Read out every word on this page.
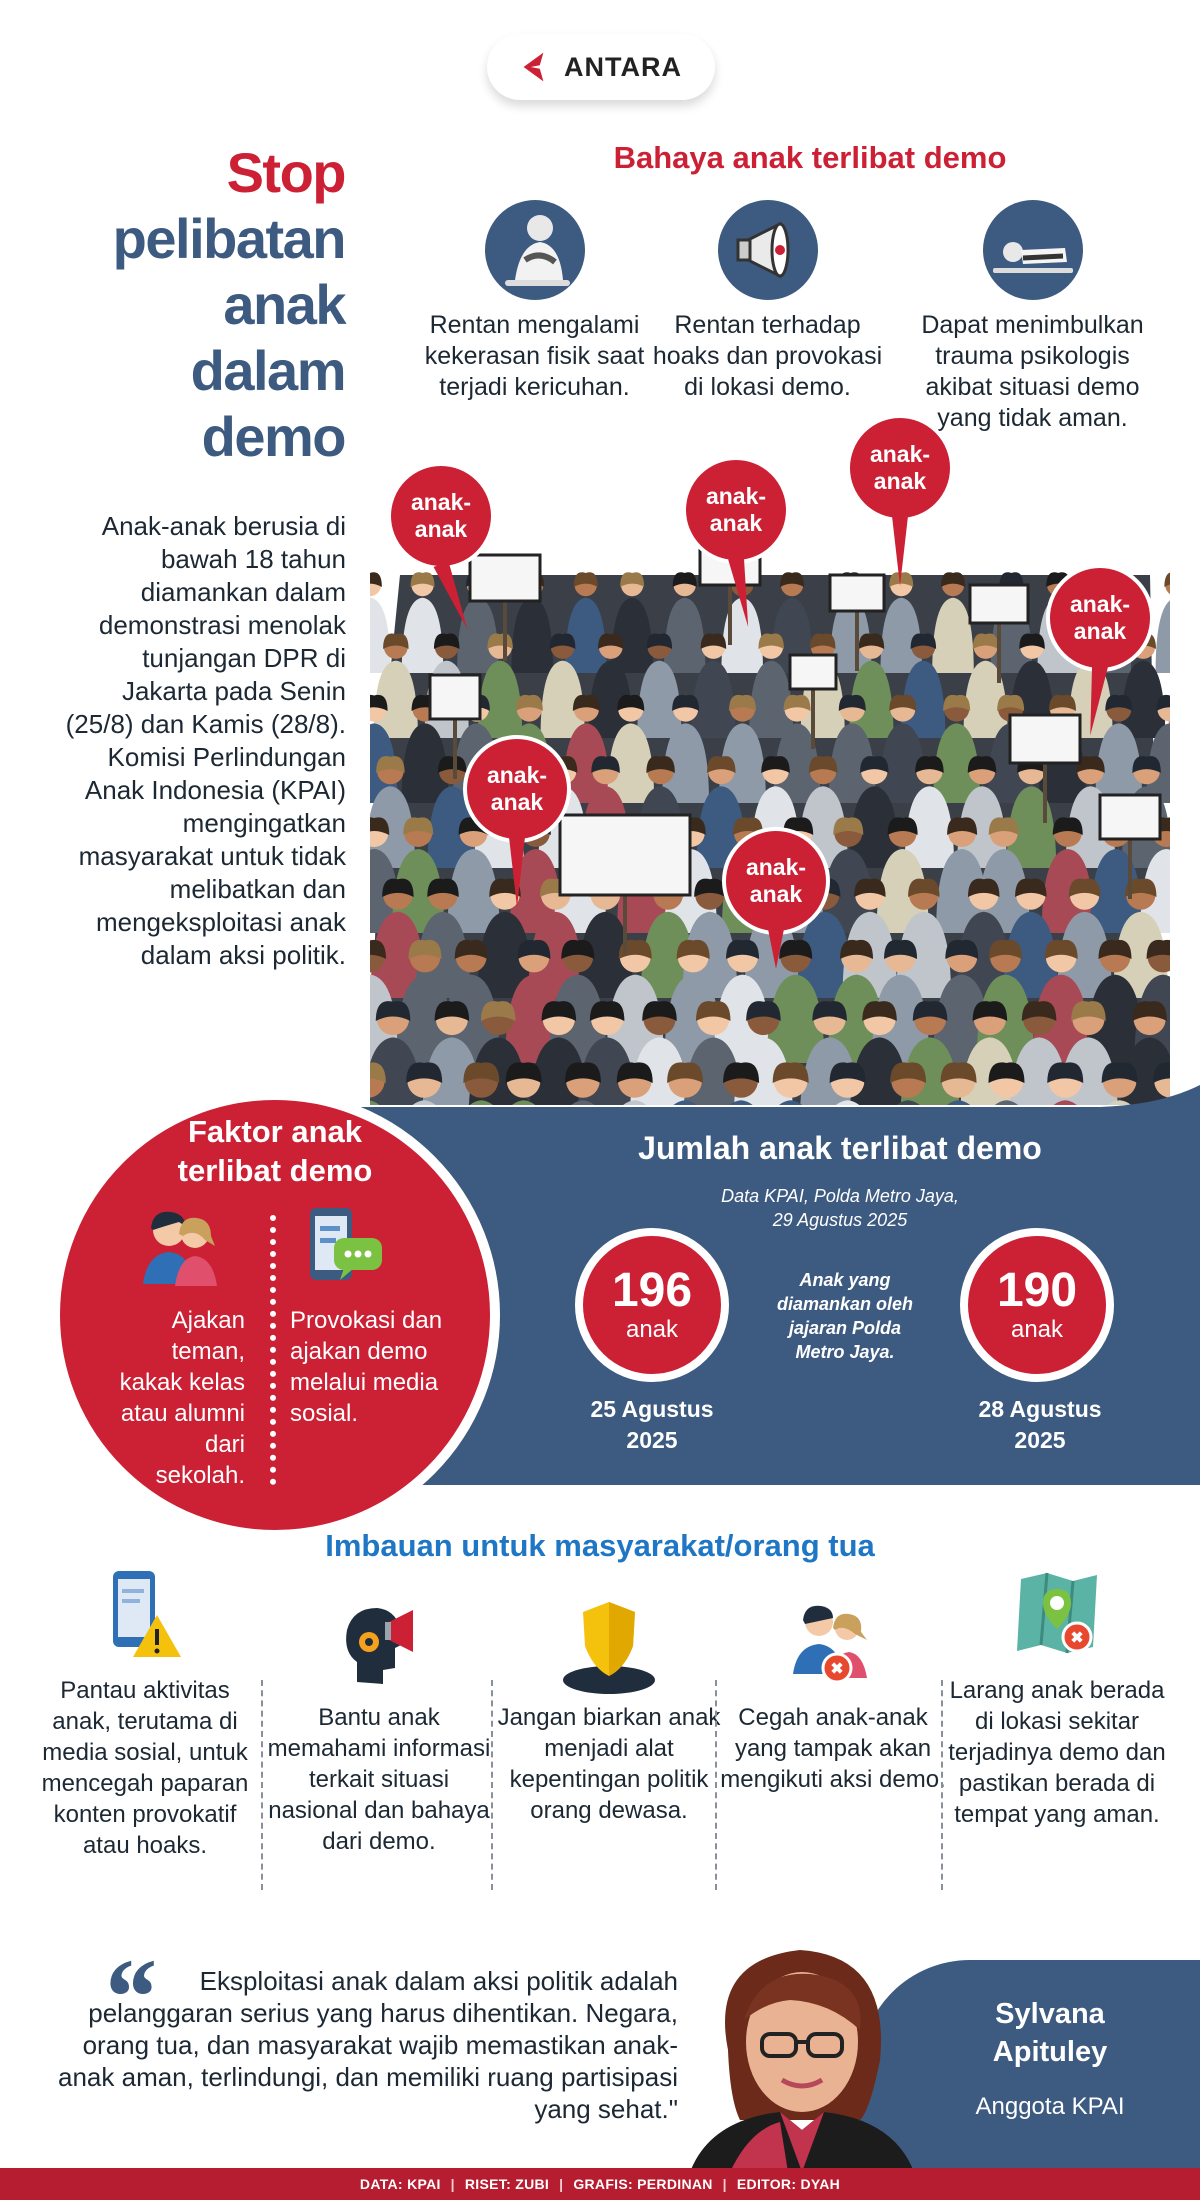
ANTARA
Stop
pelibatan
anak
dalam
demo
Anak-anak berusia di bawah 18 tahun diamankan dalam demonstrasi menolak tunjangan DPR di Jakarta pada Senin (25/8) dan Kamis (28/8). Komisi Perlindungan Anak Indonesia (KPAI) mengingatkan masyarakat untuk tidak melibatkan dan mengeksploitasi anak dalam aksi politik.
Bahaya anak terlibat demo
Rentan mengalami kekerasan fisik saat terjadi kericuhan.
Rentan terhadap hoaks dan provokasi di lokasi demo.
Dapat menimbulkan trauma psikologis akibat situasi demo yang tidak aman.
anak-
anak
anak-
anak
anak-
anak
anak-
anak
anak-
anak
anak-
anak
Faktor anak
terlibat demo
Ajakan teman, kakak kelas atau alumni dari sekolah.
Provokasi dan ajakan demo melalui media sosial.
Jumlah anak terlibat demo
Data KPAI, Polda Metro Jaya,
29 Agustus 2025
196
anak
25 Agustus
2025
Anak yang diamankan oleh jajaran Polda Metro Jaya.
190
anak
28 Agustus
2025
Imbauan untuk masyarakat/orang tua
Pantau aktivitas anak, terutama di media sosial, untuk mencegah paparan konten provokatif atau hoaks.
Bantu anak memahami informasi terkait situasi nasional dan bahaya dari demo.
Jangan biarkan anak menjadi alat kepentingan politik orang dewasa.
Cegah anak-anak yang tampak akan mengikuti aksi demo.
Larang anak berada di lokasi sekitar terjadinya demo dan pastikan berada di tempat yang aman.
“	Eksploitasi anak dalam aksi politik adalah pelanggaran serius yang harus dihentikan. Negara, orang tua, dan masyarakat wajib memastikan anak-anak aman, terlindungi, dan memiliki ruang partisipasi yang sehat."
Sylvana
Apituley
Anggota KPAI
DATA: KPAI | RISET: ZUBI | GRAFIS: PERDINAN | EDITOR: DYAH
